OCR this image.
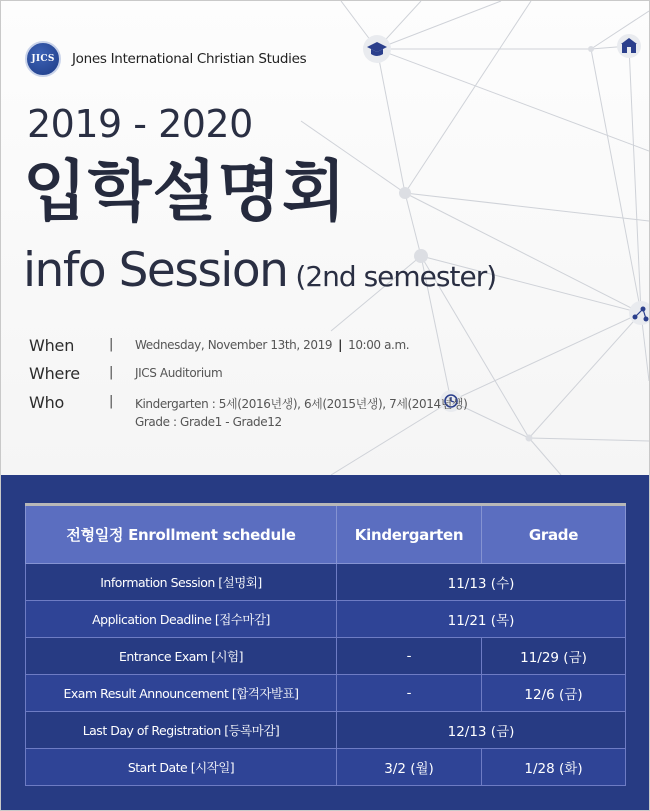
JICS Jones International Christian Studies
2019 - 2020
입학설명회
info Session (2nd semester)
When	| Wednesday, November 13th, 2019 | 10:00 a.m.
Where	| JICS Auditorium
Who	| Kindergarten : 5세(2016년생), 6세(2015년생), 7세(2014년생)
Grade : Grade1 - Grade12
전형일정 Enrollment schedule	Kindergarten	Grade
Information Session [설명회]	11/13 (수)	
Application Deadline [접수마감]	11/21 (목)	
Entrance Exam [시험]	-	11/29 (금)
Exam Result Announcement [합격자발표]	-	12/6 (금)
Last Day of Registration [등록마감]	12/13 (금)	
Start Date [시작일]	3/2 (월)	1/28 (화)
